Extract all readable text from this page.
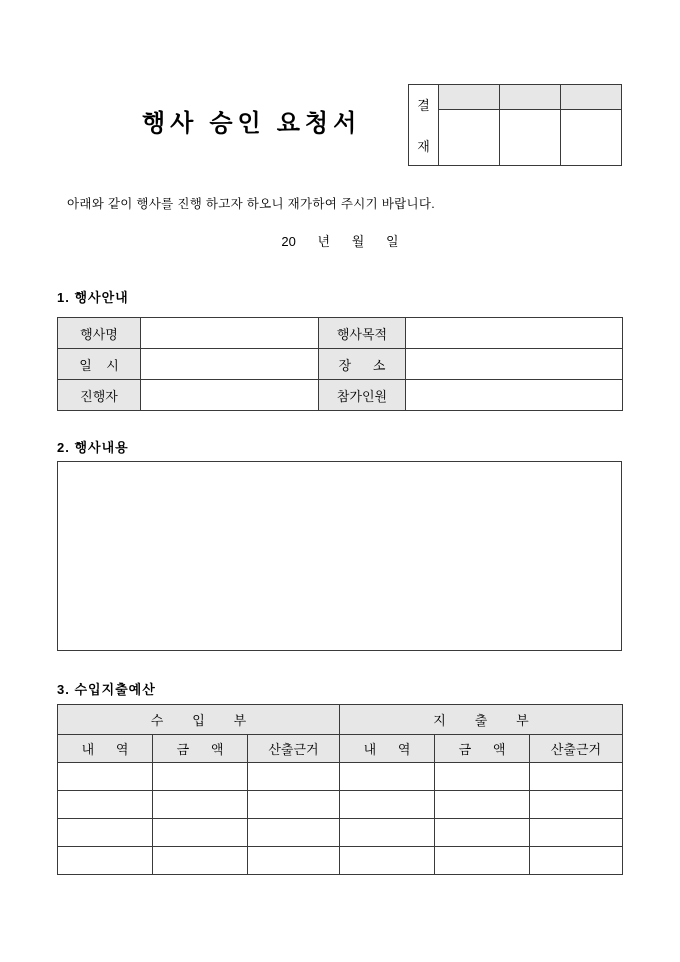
행사 승인 요청서
결
재			

아래와 같이 행사를 진행 하고자 하오니 재가하여 주시기 바랍니다.
20      년      월      일
1. 행사안내
행사명		행사목적	
일    시		장      소	
진행자		참가인원	
2. 행사내용
3. 수입지출예산
수        입        부			지        출        부		
내      역	금      액	산출근거	내      역	금      액	산출근거
